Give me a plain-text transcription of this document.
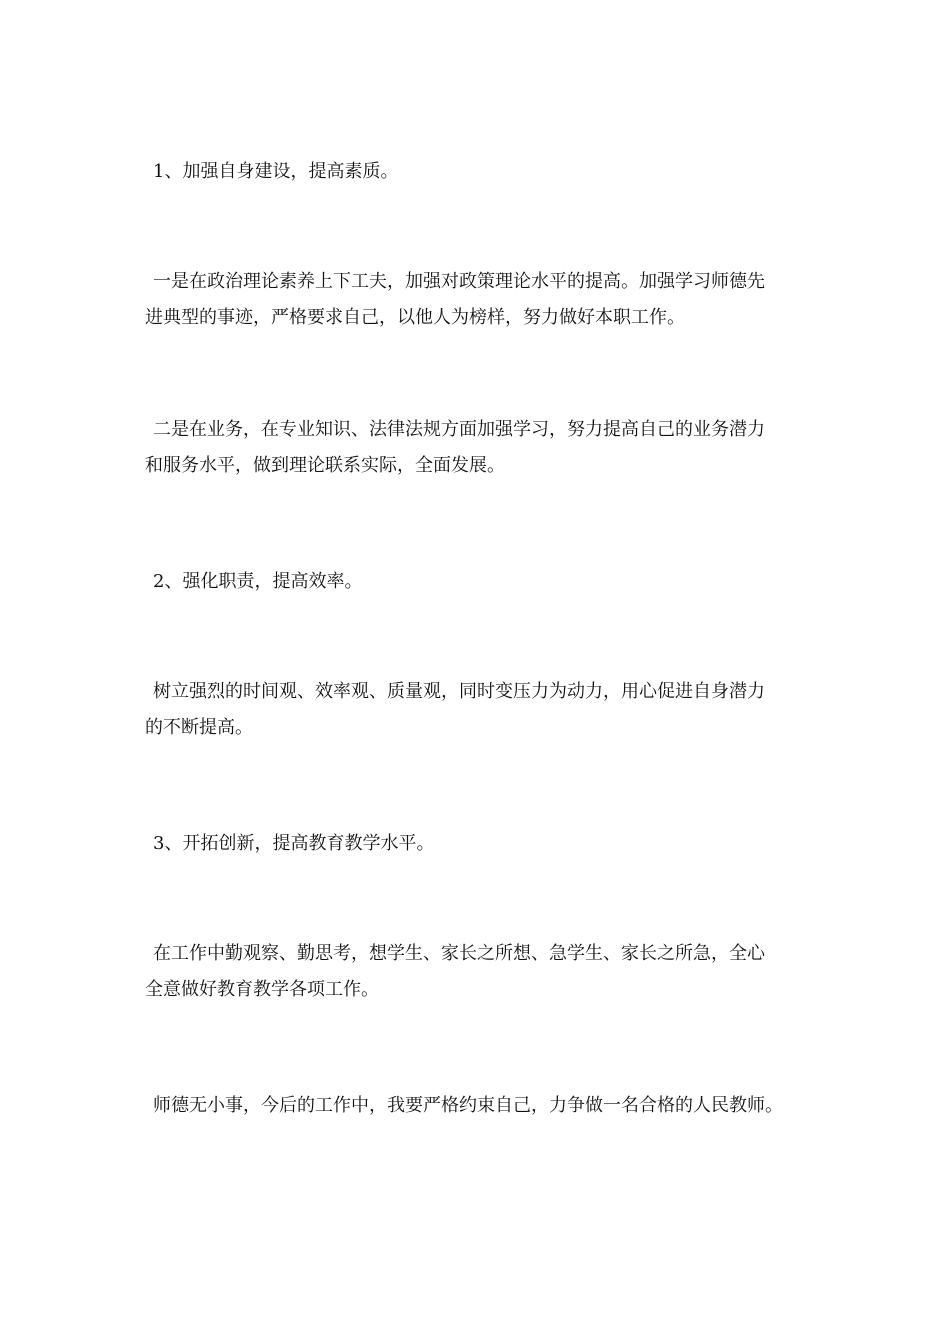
1、加强自身建设，提高素质。

一是在政治理论素养上下工夫，加强对政策理论水平的提高。加强学习师德先
进典型的事迹，严格要求自己，以他人为榜样，努力做好本职工作。

二是在业务，在专业知识、法律法规方面加强学习，努力提高自己的业务潜力
和服务水平，做到理论联系实际，全面发展。

2、强化职责，提高效率。

树立强烈的时间观、效率观、质量观，同时变压力为动力，用心促进自身潜力
的不断提高。

3、开拓创新，提高教育教学水平。

在工作中勤观察、勤思考，想学生、家长之所想、急学生、家长之所急，全心
全意做好教育教学各项工作。

师德无小事，今后的工作中，我要严格约束自己，力争做一名合格的人民教师。
